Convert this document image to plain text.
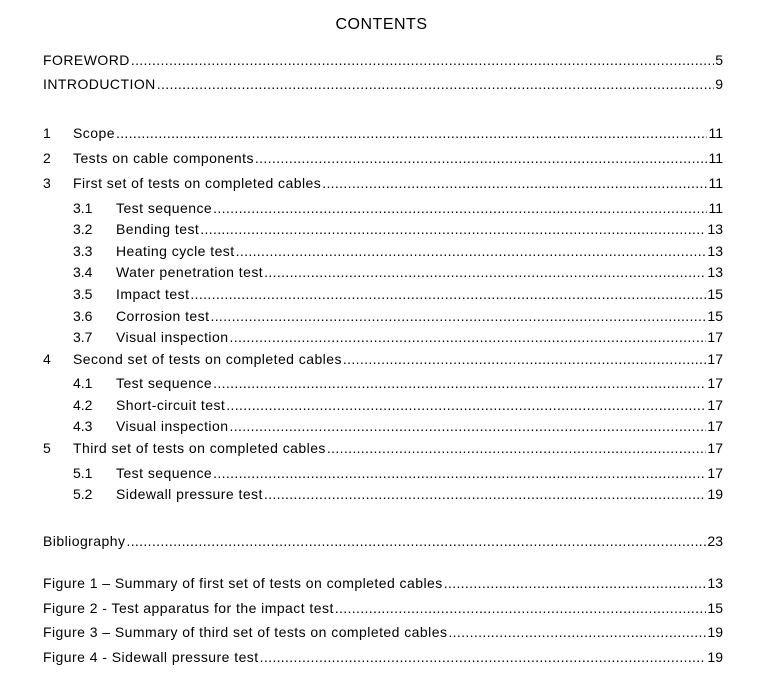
CONTENTS
FOREWORD .....	5
INTRODUCTION .....	9
1	Scope .....	11
2	Tests on cable components .....	11
3	First set of tests on completed cables .....	11
3.1	Test sequence .....	11
3.2	Bending test .....	13
3.3	Heating cycle test .....	13
3.4	Water penetration test .....	13
3.5	Impact test .....	15
3.6	Corrosion test .....	15
3.7	Visual inspection .....	17
4	Second set of tests on completed cables .....	17
4.1	Test sequence .....	17
4.2	Short-circuit test .....	17
4.3	Visual inspection .....	17
5	Third set of tests on completed cables .....	17
5.1	Test sequence .....	17
5.2	Sidewall pressure test .....	19
Bibliography .....	23
Figure 1 – Summary of first set of tests on completed cables .....	13
Figure 2 - Test apparatus for the impact test .....	15
Figure 3 – Summary of third set of tests on completed cables .....	19
Figure 4 - Sidewall pressure test .....	19
